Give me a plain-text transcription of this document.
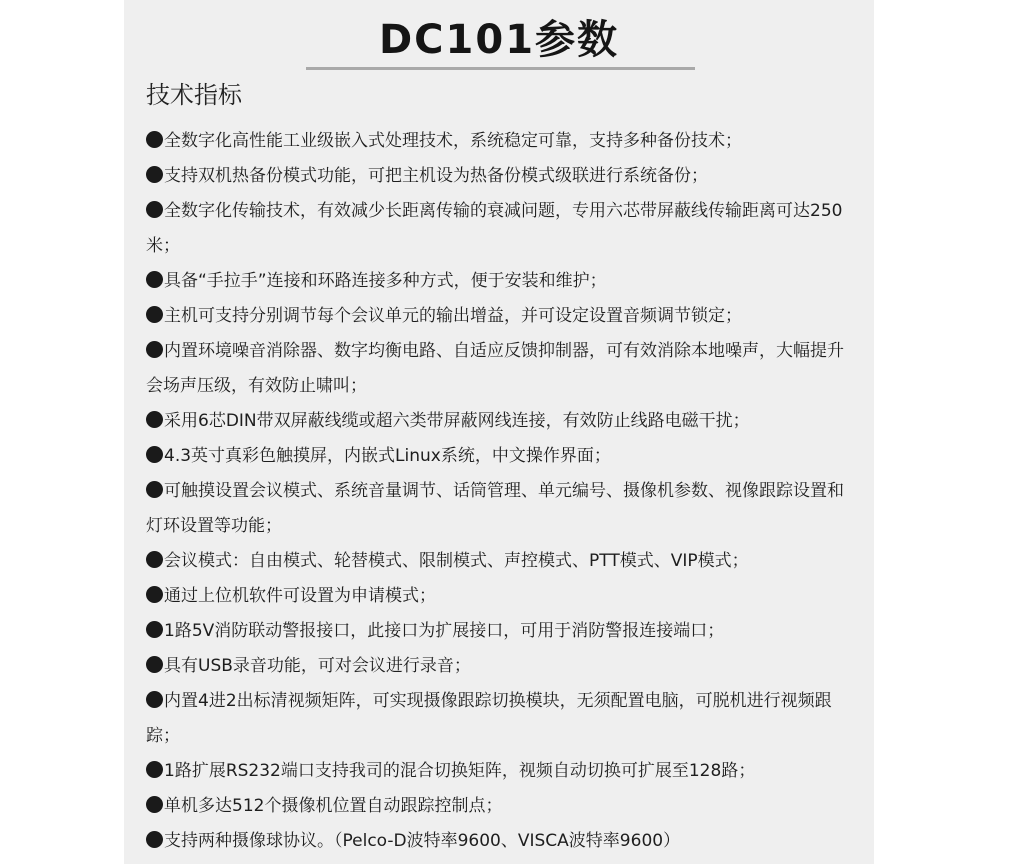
DC101参数
技术指标
全数字化高性能工业级嵌入式处理技术，系统稳定可靠，支持多种备份技术；
支持双机热备份模式功能，可把主机设为热备份模式级联进行系统备份；
全数字化传输技术，有效减少长距离传输的衰减问题，专用六芯带屏蔽线传输距离可达250米；
具备“手拉手”连接和环路连接多种方式，便于安装和维护；
主机可支持分别调节每个会议单元的输出增益，并可设定设置音频调节锁定；
内置环境噪音消除器、数字均衡电路、自适应反馈抑制器，可有效消除本地噪声，大幅提升会场声压级，有效防止啸叫；
采用6芯DIN带双屏蔽线缆或超六类带屏蔽网线连接，有效防止线路电磁干扰；
4.3英寸真彩色触摸屏，内嵌式Linux系统，中文操作界面；
可触摸设置会议模式、系统音量调节、话筒管理、单元编号、摄像机参数、视像跟踪设置和灯环设置等功能；
会议模式：自由模式、轮替模式、限制模式、声控模式、PTT模式、VIP模式；
通过上位机软件可设置为申请模式；
1路5V消防联动警报接口，此接口为扩展接口，可用于消防警报连接端口；
具有USB录音功能，可对会议进行录音；
内置4进2出标清视频矩阵，可实现摄像跟踪切换模块，无须配置电脑，可脱机进行视频跟踪；
1路扩展RS232端口支持我司的混合切换矩阵，视频自动切换可扩展至128路；
单机多达512个摄像机位置自动跟踪控制点；
支持两种摄像球协议。（Pelco-D波特率9600、VISCA波特率9600）
